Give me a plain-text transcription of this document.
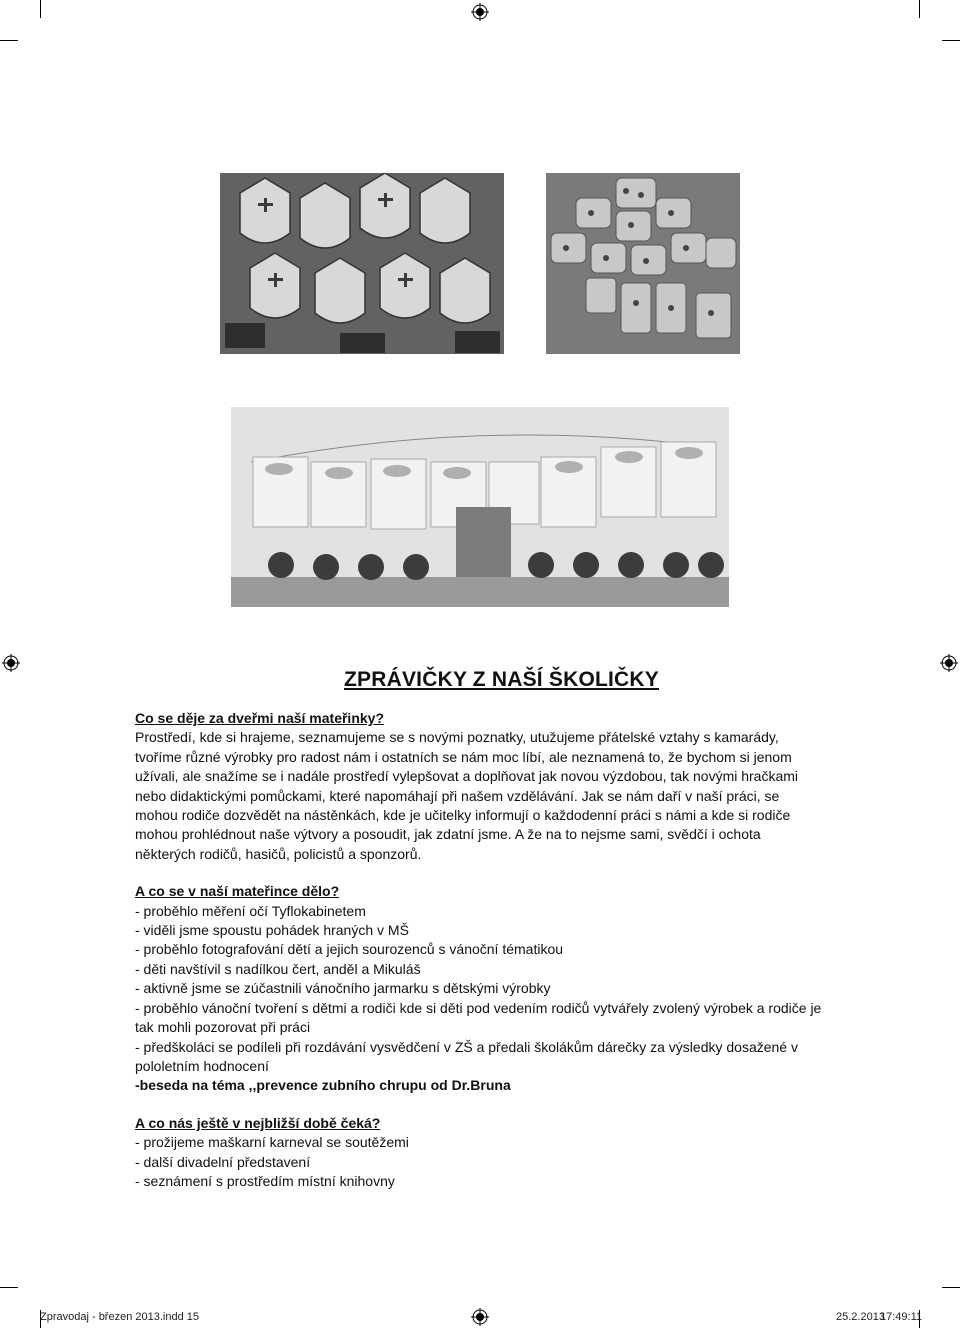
ZPRÁVIČKY Z NAŠÍ ŠKOLIČKY

Co se děje za dveřmi naší mateřinky?

Prostředí, kde si hrajeme, seznamujeme se s novými poznatky, utužujeme přátelské vztahy s kamarády, tvoříme různé výrobky pro radost nám i ostatních se nám moc líbí, ale neznamená to, že bychom si jenom užívali, ale snažíme se i nadále prostředí vylepšovat a doplňovat jak novou výzdobou, tak novými hračkami nebo didaktickými pomůckami, které napomáhají při našem vzdělávání. Jak se nám daří v naší práci, se mohou rodiče dozvědět na nástěnkách, kde je učitelky informují o každodenní práci s námi a kde si rodiče mohou prohlédnout naše výtvory a posoudit, jak zdatní jsme. A že na to nejsme sami, svědčí i ochota některých rodičů, hasičů, policistů a sponzorů.

A co se v naší mateřince dělo?

- proběhlo měření očí Tyflokabinetem
- viděli jsme spoustu pohádek hraných v MŠ
- proběhlo fotografování dětí a jejich sourozenců s vánoční tématikou
- děti navštívil s nadílkou čert, anděl a Mikuláš
- aktivně jsme se zúčastnili vánočního jarmarku s dětskými výrobky
- proběhlo vánoční tvoření s dětmi a rodiči kde si děti pod vedením rodičů vytvářely zvolený výrobek a rodiče je tak mohli pozorovat při práci
- předškoláci se podíleli při rozdávání vysvědčení v ZŠ a předali školákům dárečky za výsledky dosažené v pololetním hodnocení
-beseda na téma ,,prevence zubního chrupu od Dr.Bruna

A co nás ještě v nejbližší době čeká?

- prožijeme maškarní karneval se soutěžemi
- další divadelní představení
- seznámení s prostředím místní knihovny
Zpravodaj - březen 2013.indd 15	25.2.2013
17:49:11
